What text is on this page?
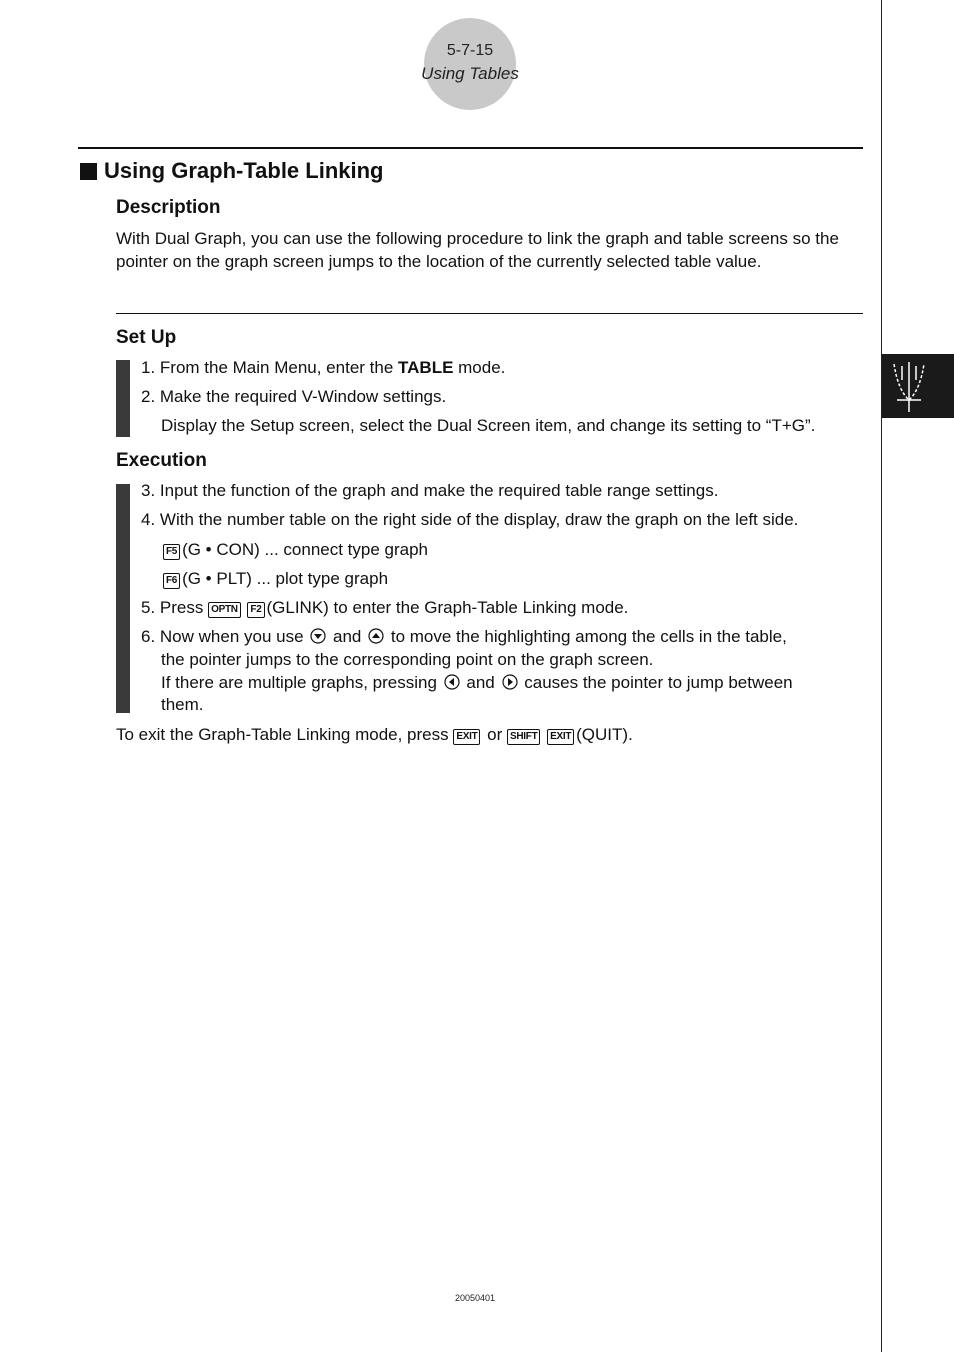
5-7-15
Using Tables
Using Graph-Table Linking
Description
With Dual Graph, you can use the following procedure to link the graph and table screens so the pointer on the graph screen jumps to the location of the currently selected table value.
Set Up
1. From the Main Menu, enter the TABLE mode.
2. Make the required V-Window settings.
Display the Setup screen, select the Dual Screen item, and change its setting to “T+G”.
Execution
3. Input the function of the graph and make the required table range settings.
4. With the number table on the right side of the display, draw the graph on the left side.
F5 (G • CON) ... connect type graph
F6 (G • PLT) ... plot type graph
5. Press OPTN F2 (GLINK) to enter the Graph-Table Linking mode.
6. Now when you use and to move the highlighting among the cells in the table,
the pointer jumps to the corresponding point on the graph screen.
If there are multiple graphs, pressing and causes the pointer to jump between
them.
To exit the Graph-Table Linking mode, press EXIT or SHIFT EXIT (QUIT).
20050401
